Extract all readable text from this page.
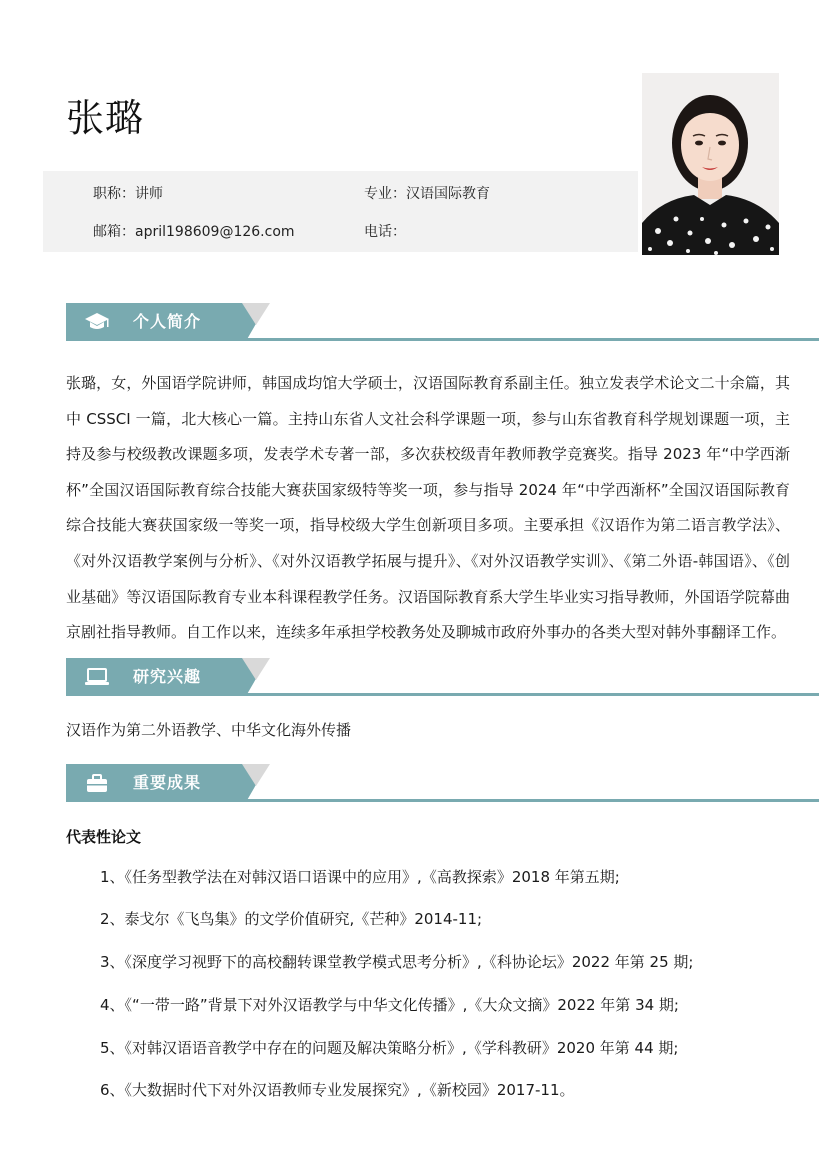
张璐
职称：讲师	专业：汉语国际教育
邮箱：april198609@126.com	电话：
个人简介

张璐，女，外国语学院讲师，韩国成均馆大学硕士，汉语国际教育系副主任。独立发表学术论文二十余篇，其中 CSSCI 一篇，北大核心一篇。主持山东省人文社会科学课题一项，参与山东省教育科学规划课题一项，主持及参与校级教改课题多项，发表学术专著一部，多次获校级青年教师教学竞赛奖。指导 2023 年“中学西渐杯”全国汉语国际教育综合技能大赛获国家级特等奖一项，参与指导 2024 年“中学西渐杯”全国汉语国际教育综合技能大赛获国家级一等奖一项，指导校级大学生创新项目多项。主要承担《汉语作为第二语言教学法》、《对外汉语教学案例与分析》、《对外汉语教学拓展与提升》、《对外汉语教学实训》、《第二外语-韩国语》、《创业基础》等汉语国际教育专业本科课程教学任务。汉语国际教育系大学生毕业实习指导教师，外国语学院幕曲京剧社指导教师。自工作以来，连续多年承担学校教务处及聊城市政府外事办的各类大型对韩外事翻译工作。

研究兴趣
汉语作为第二外语教学、中华文化海外传播
重要成果
代表性论文
1、《任务型教学法在对韩汉语口语课中的应用》,《高教探索》2018 年第五期;
2、泰戈尔《飞鸟集》的文学价值研究,《芒种》2014-11;
3、《深度学习视野下的高校翻转课堂教学模式思考分析》,《科协论坛》2022 年第 25 期;
4、《“一带一路”背景下对外汉语教学与中华文化传播》,《大众文摘》2022 年第 34 期;
5、《对韩汉语语音教学中存在的问题及解决策略分析》,《学科教研》2020 年第 44 期;
6、《大数据时代下对外汉语教师专业发展探究》,《新校园》2017-11。
